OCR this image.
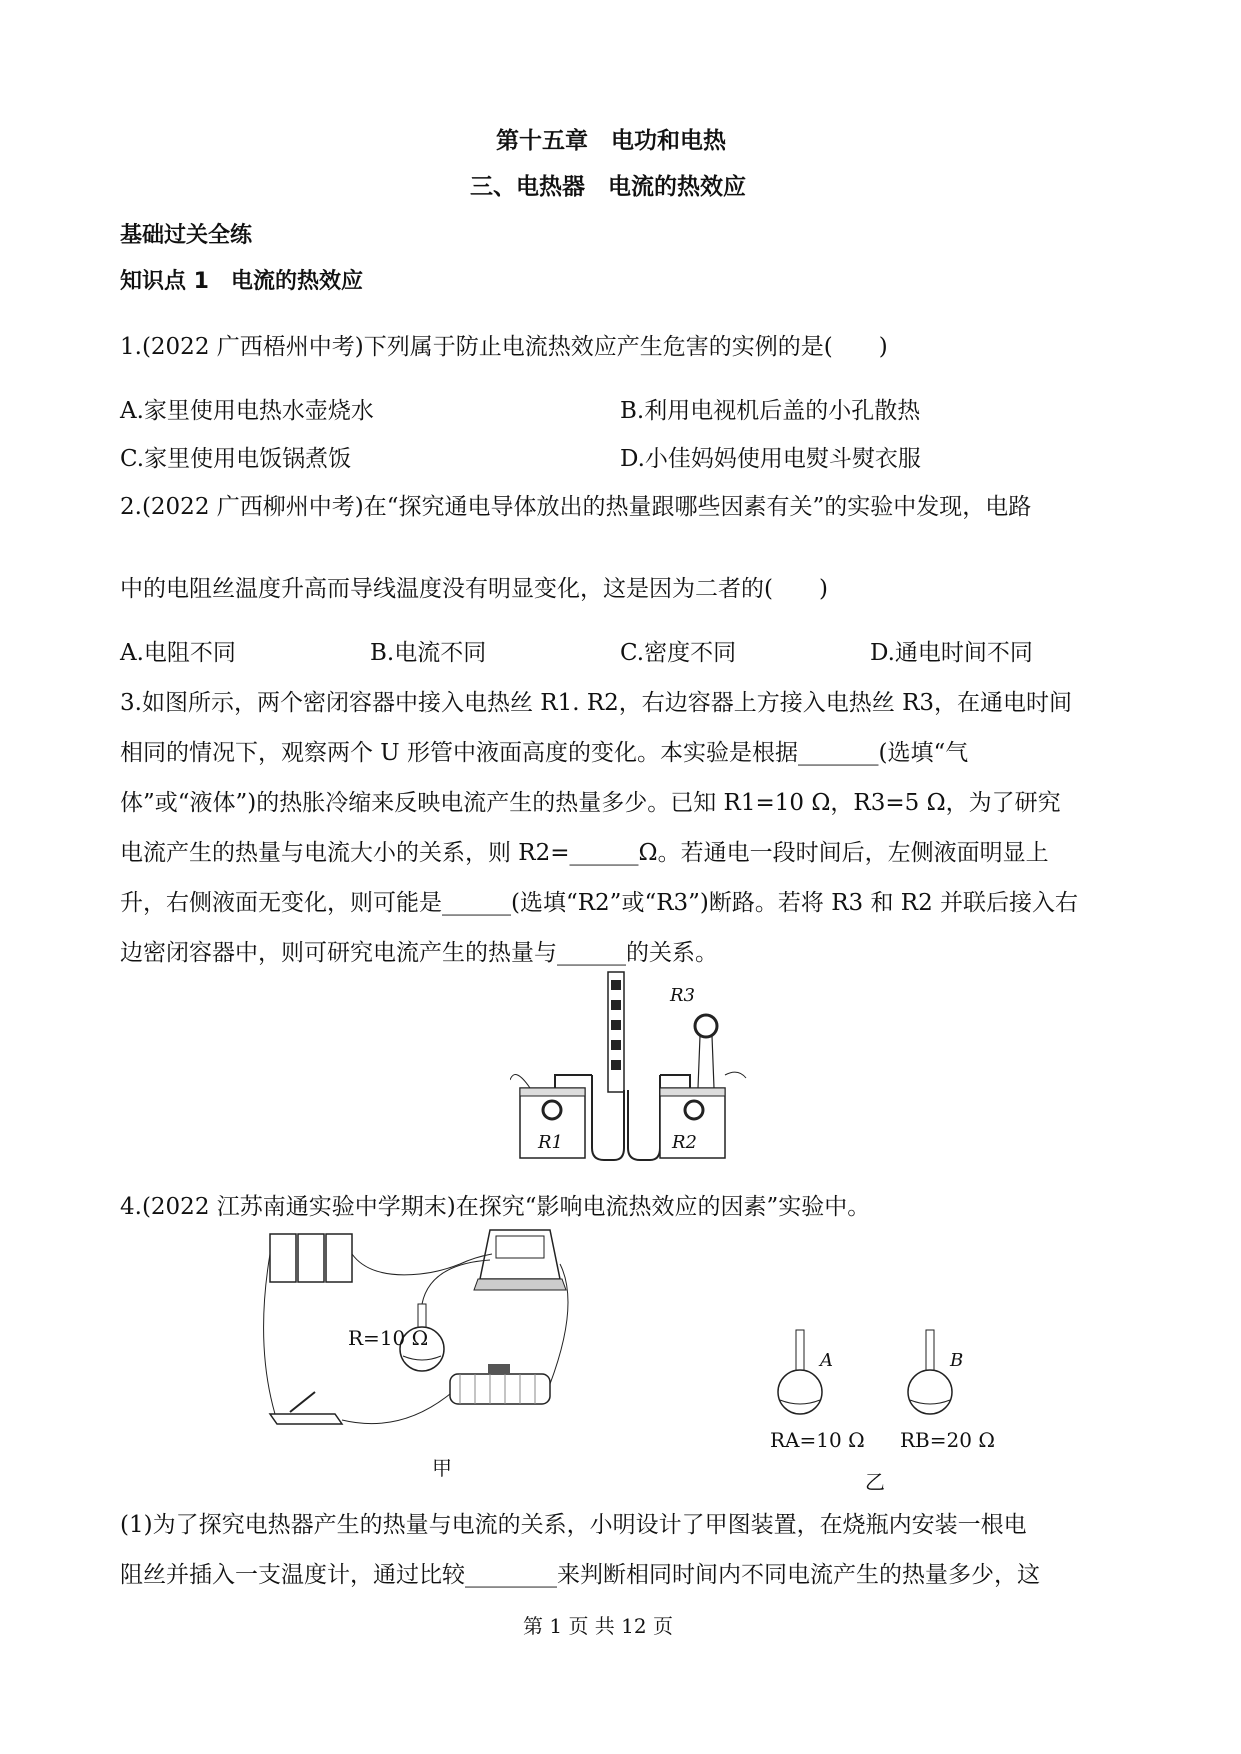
第十五章　电功和电热
三、电热器　电流的热效应
基础过关全练
知识点 1　电流的热效应
1.(2022 广西梧州中考)下列属于防止电流热效应产生危害的实例的是(　　)
A.家里使用电热水壶烧水	B.利用电视机后盖的小孔散热
C.家里使用电饭锅煮饭	D.小佳妈妈使用电熨斗熨衣服
2.(2022 广西柳州中考)在“探究通电导体放出的热量跟哪些因素有关”的实验中发现，电路
中的电阻丝温度升高而导线温度没有明显变化，这是因为二者的(　　)
A.电阻不同	B.电流不同	C.密度不同	D.通电时间不同
3.如图所示，两个密闭容器中接入电热丝 R1. R2，右边容器上方接入电热丝 R3，在通电时间
相同的情况下，观察两个 U 形管中液面高度的变化。本实验是根据_______(选填“气
体”或“液体”)的热胀冷缩来反映电流产生的热量多少。已知 R1=10 Ω，R3=5 Ω，为了研究
电流产生的热量与电流大小的关系，则 R2=______Ω。若通电一段时间后，左侧液面明显上
升，右侧液面无变化，则可能是______(选填“R2”或“R3”)断路。若将 R3 和 R2 并联后接入右
边密闭容器中，则可研究电流产生的热量与______的关系。
R3
R1	R2
4.(2022 江苏南通实验中学期末)在探究“影响电流热效应的因素”实验中。
R=10 Ω
甲
A	B
RA=10 Ω RB=20 Ω
乙
(1)为了探究电热器产生的热量与电流的关系，小明设计了甲图装置，在烧瓶内安装一根电
阻丝并插入一支温度计，通过比较________来判断相同时间内不同电流产生的热量多少，这
第 1 页 共 12 页
